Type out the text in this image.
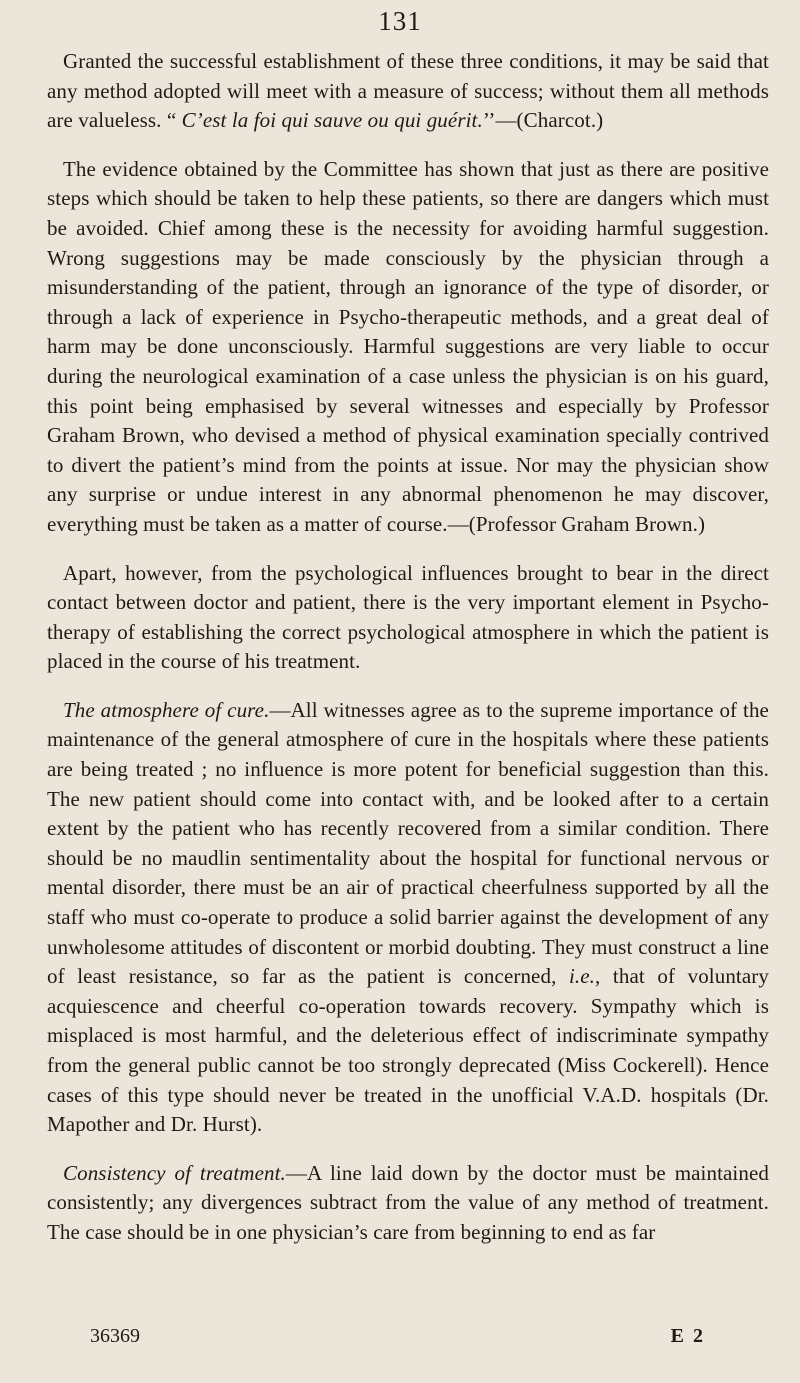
131

Granted the successful establishment of these three conditions, it may be said that any method adopted will meet with a measure of success; without them all methods are valueless. “ C’est la foi qui sauve ou qui guérit.’’—(Charcot.)

The evidence obtained by the Committee has shown that just as there are positive steps which should be taken to help these patients, so there are dangers which must be avoided. Chief among these is the necessity for avoiding harmful suggestion. Wrong suggestions may be made consciously by the physician through a misunderstanding of the patient, through an ignorance of the type of disorder, or through a lack of experience in Psycho-therapeutic methods, and a great deal of harm may be done unconsciously. Harmful suggestions are very liable to occur during the neurological examination of a case unless the physician is on his guard, this point being emphasised by several witnesses and especially by Professor Graham Brown, who devised a method of physical examination specially contrived to divert the patient’s mind from the points at issue. Nor may the physician show any surprise or undue interest in any abnormal phenomenon he may discover, everything must be taken as a matter of course.—(Professor Graham Brown.)

Apart, however, from the psychological influences brought to bear in the direct contact between doctor and patient, there is the very important element in Psycho-therapy of establishing the correct psychological atmosphere in which the patient is placed in the course of his treatment.

The atmosphere of cure.—All witnesses agree as to the supreme importance of the maintenance of the general atmosphere of cure in the hospitals where these patients are being treated ; no influence is more potent for beneficial suggestion than this. The new patient should come into contact with, and be looked after to a certain extent by the patient who has recently recovered from a similar condition. There should be no maudlin sentimentality about the hospital for functional nervous or mental disorder, there must be an air of practical cheerfulness supported by all the staff who must co-operate to produce a solid barrier against the development of any unwholesome attitudes of discontent or morbid doubting. They must construct a line of least resistance, so far as the patient is concerned, i.e., that of voluntary acquiescence and cheerful co-operation towards recovery. Sympathy which is misplaced is most harmful, and the deleterious effect of indiscriminate sympathy from the general public cannot be too strongly deprecated (Miss Cockerell). Hence cases of this type should never be treated in the unofficial V.A.D. hospitals (Dr. Mapother and Dr. Hurst).

Consistency of treatment.—A line laid down by the doctor must be maintained consistently; any divergences subtract from the value of any method of treatment. The case should be in one physician’s care from beginning to end as far

36369	E 2
